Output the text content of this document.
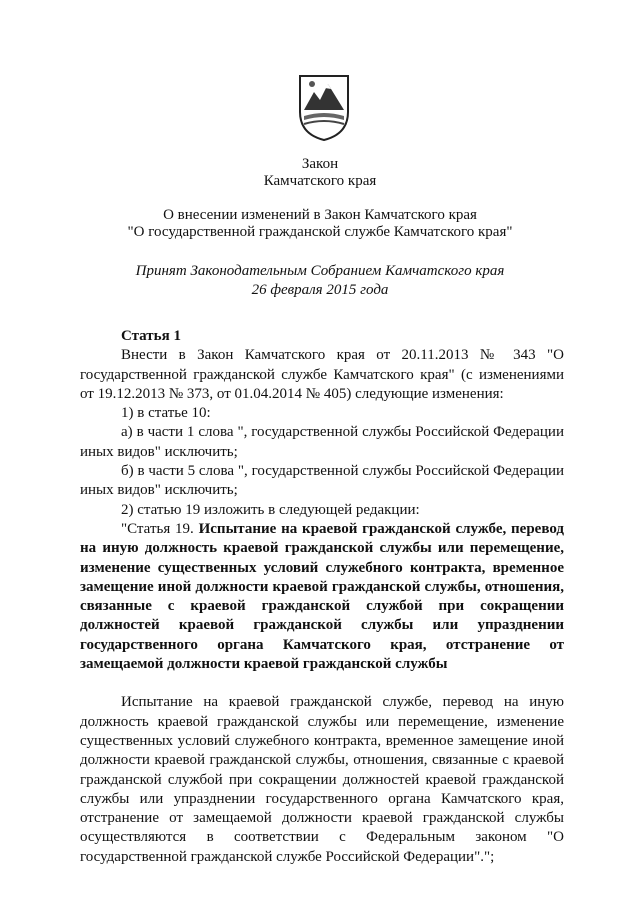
Закон
Камчатского края
О внесении изменений в Закон Камчатского края
"О государственной гражданской службе Камчатского края"
Принят Законодательным Собранием Камчатского края
26 февраля 2015 года

Статья 1

Внести в Закон Камчатского края от 20.11.2013 № 343 "О государственной гражданской службе Камчатского края" (с изменениями от 19.12.2013 № 373, от 01.04.2014 № 405) следующие изменения:

1) в статье 10:

а) в части 1 слова ", государственной службы Российской Федерации иных видов" исключить;

б) в части 5 слова ", государственной службы Российской Федерации иных видов" исключить;

2) статью 19 изложить в следующей редакции:

"Статья 19. Испытание на краевой гражданской службе, перевод на иную должность краевой гражданской службы или перемещение, изменение существенных условий служебного контракта, временное замещение иной должности краевой гражданской службы, отношения, связанные с краевой гражданской службой при сокращении должностей краевой гражданской службы или упразднении государственного органа Камчатского края, отстранение от замещаемой должности краевой гражданской службы

Испытание на краевой гражданской службе, перевод на иную должность краевой гражданской службы или перемещение, изменение существенных условий служебного контракта, временное замещение иной должности краевой гражданской службы, отношения, связанные с краевой гражданской службой при сокращении должностей краевой гражданской службы или упразднении государственного органа Камчатского края, отстранение от замещаемой должности краевой гражданской службы осуществляются в соответствии с Федеральным законом "О государственной гражданской службе Российской Федерации".";
